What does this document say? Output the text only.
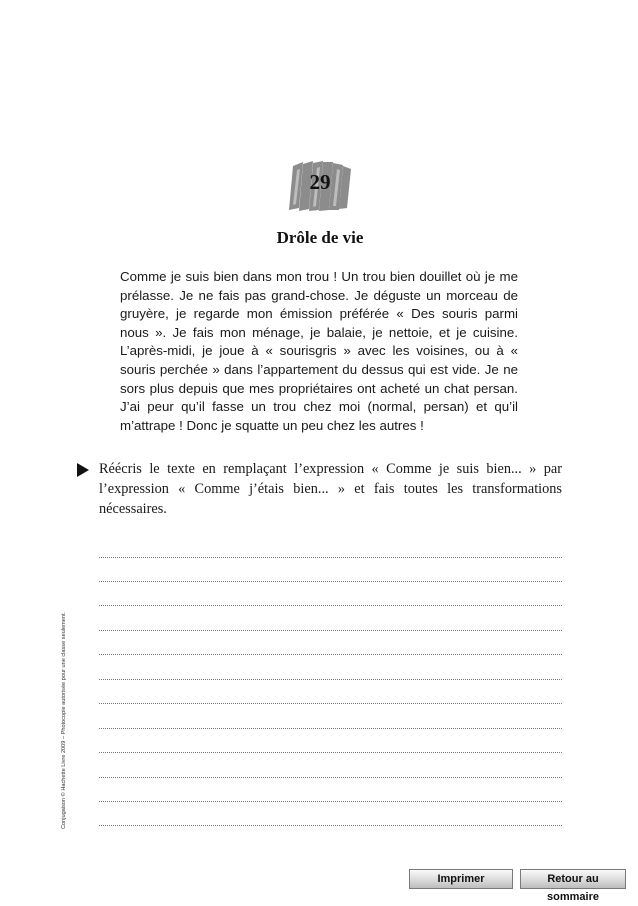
29
Drôle de vie

Comme je suis bien dans mon trou ! Un trou bien douillet où je me prélasse. Je ne fais pas grand-chose. Je déguste un morceau de gruyère, je regarde mon émission préférée « Des souris parmi nous ». Je fais mon ménage, je balaie, je nettoie, et je cuisine. L’après-midi, je joue à « sourisgris » avec les voisines, ou à « souris perchée » dans l’appartement du dessus qui est vide. Je ne sors plus depuis que mes propriétaires ont acheté un chat persan. J’ai peur qu’il fasse un trou chez moi (normal, persan) et qu’il m’attrape ! Donc je squatte un peu chez les autres !

Réécris le texte en remplaçant l’expression « Comme je suis bien... » par l’expression « Comme j’étais bien... » et fais toutes les transformations nécessaires.

Conjugaison © Hachette Livre 2009 – Photocopie autorisée pour une classe seulement.
Imprimer	Retour au sommaire
